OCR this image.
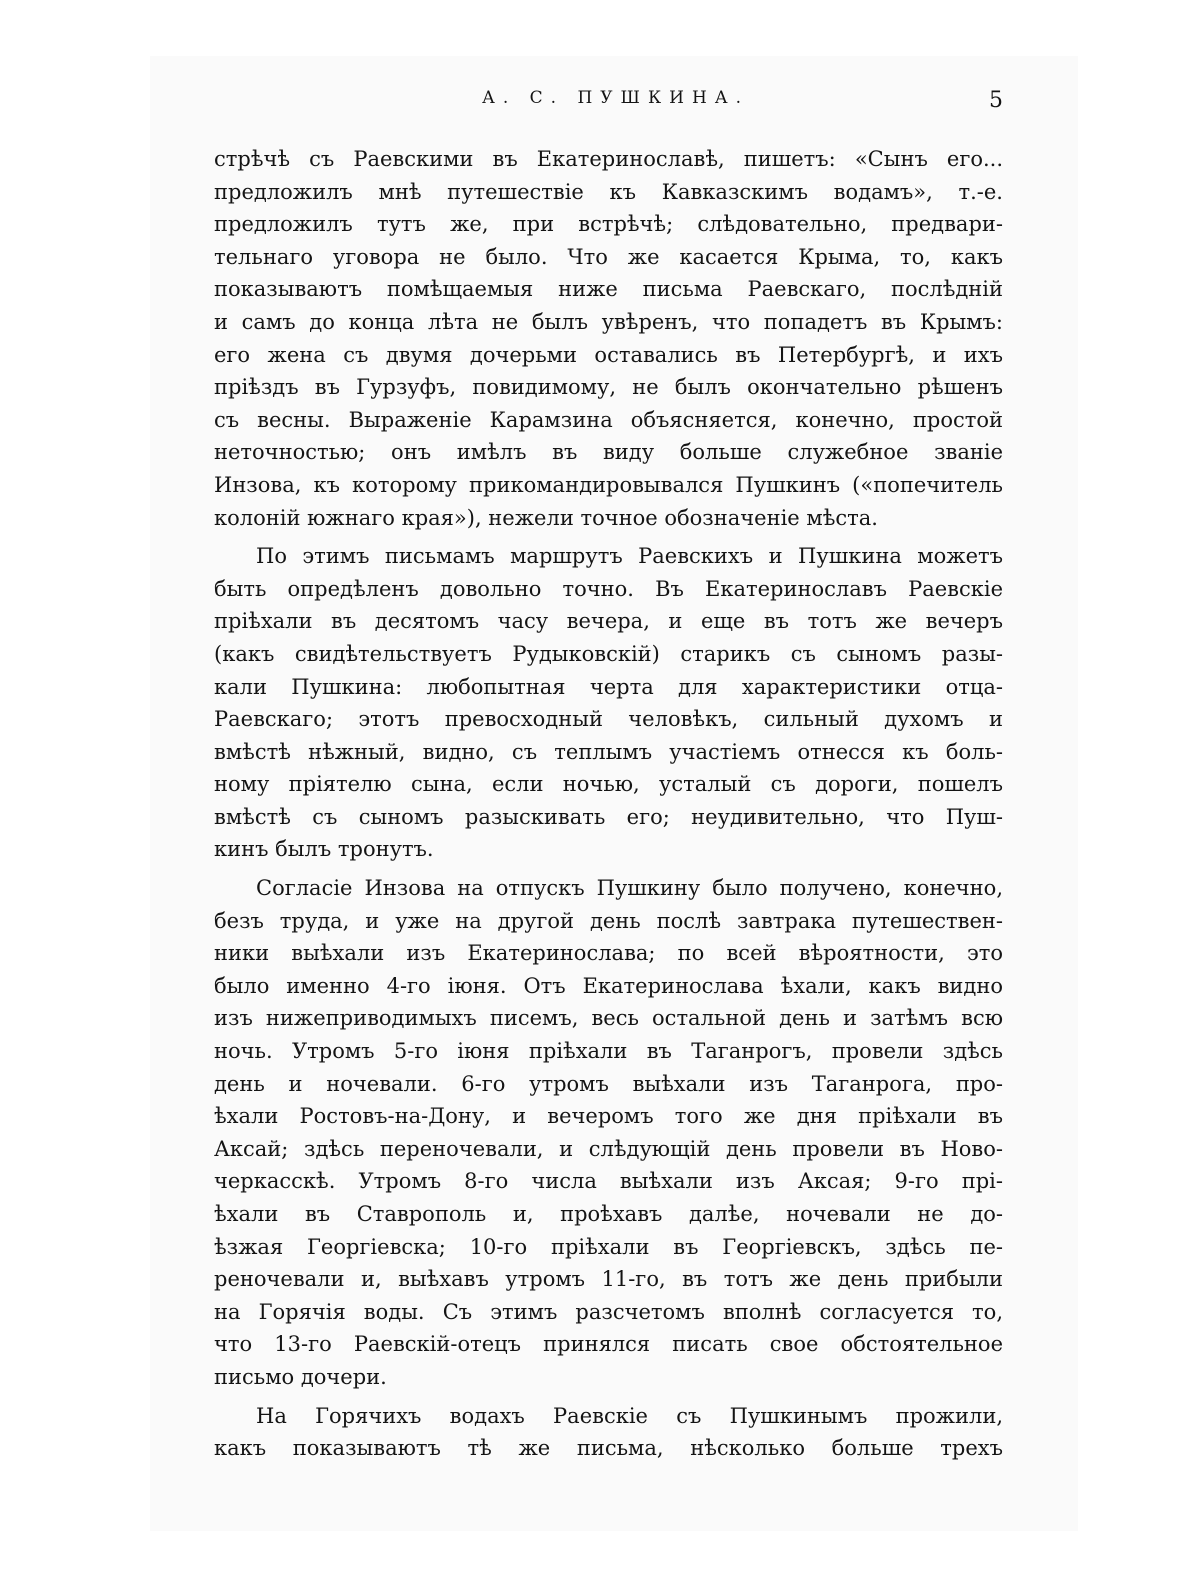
А. С. ПУШКИНА.	5
стрѣчѣ съ Раевскими въ Екатеринославѣ, пишетъ: «Сынъ его...
предложилъ мнѣ путешествіе къ Кавказскимъ водамъ», т.-е.
предложилъ тутъ же, при встрѣчѣ; слѣдовательно, предвари-
тельнаго уговора не было. Что же касается Крыма, то, какъ
показываютъ помѣщаемыя ниже письма Раевскаго, послѣдній
и самъ до конца лѣта не былъ увѣренъ, что попадетъ въ Крымъ:
его жена съ двумя дочерьми оставались въ Петербургѣ, и ихъ
пріѣздъ въ Гурзуфъ, повидимому, не былъ окончательно рѣшенъ
съ весны. Выраженіе Карамзина объясняется, конечно, простой
неточностью; онъ имѣлъ въ виду больше служебное званіе
Инзова, къ которому прикомандировывался Пушкинъ («попечитель
колоній южнаго края»), нежели точное обозначеніе мѣста.
По этимъ письмамъ маршрутъ Раевскихъ и Пушкина можетъ
быть опредѣленъ довольно точно. Въ Екатеринославъ Раевскіе
пріѣхали въ десятомъ часу вечера, и еще въ тотъ же вечеръ
(какъ свидѣтельствуетъ Рудыковскій) старикъ съ сыномъ разы-
кали Пушкина: любопытная черта для характеристики отца-
Раевскаго; этотъ превосходный человѣкъ, сильный духомъ и
вмѣстѣ нѣжный, видно, съ теплымъ участіемъ отнесся къ боль-
ному пріятелю сына, если ночью, усталый съ дороги, пошелъ
вмѣстѣ съ сыномъ разыскивать его; неудивительно, что Пуш-
кинъ былъ тронутъ.
Согласіе Инзова на отпускъ Пушкину было получено, конечно,
безъ труда, и уже на другой день послѣ завтрака путешествен-
ники выѣхали изъ Екатеринослава; по всей вѣроятности, это
было именно 4-го іюня. Отъ Екатеринослава ѣхали, какъ видно
изъ нижеприводимыхъ писемъ, весь остальной день и затѣмъ всю
ночь. Утромъ 5-го іюня пріѣхали въ Таганрогъ, провели здѣсь
день и ночевали. 6-го утромъ выѣхали изъ Таганрога, про-
ѣхали Ростовъ-на-Дону, и вечеромъ того же дня пріѣхали въ
Аксай; здѣсь переночевали, и слѣдующій день провели въ Ново-
черкасскѣ. Утромъ 8-го числа выѣхали изъ Аксая; 9-го прі-
ѣхали въ Ставрополь и, проѣхавъ далѣе, ночевали не до-
ѣзжая Георгіевска; 10-го пріѣхали въ Георгіевскъ, здѣсь пе-
реночевали и, выѣхавъ утромъ 11-го, въ тотъ же день прибыли
на Горячія воды. Съ этимъ разсчетомъ вполнѣ согласуется то,
что 13-го Раевскій-отецъ принялся писать свое обстоятельное
письмо дочери.
На Горячихъ водахъ Раевскіе съ Пушкинымъ прожили,
какъ показываютъ тѣ же письма, нѣсколько больше трехъ
